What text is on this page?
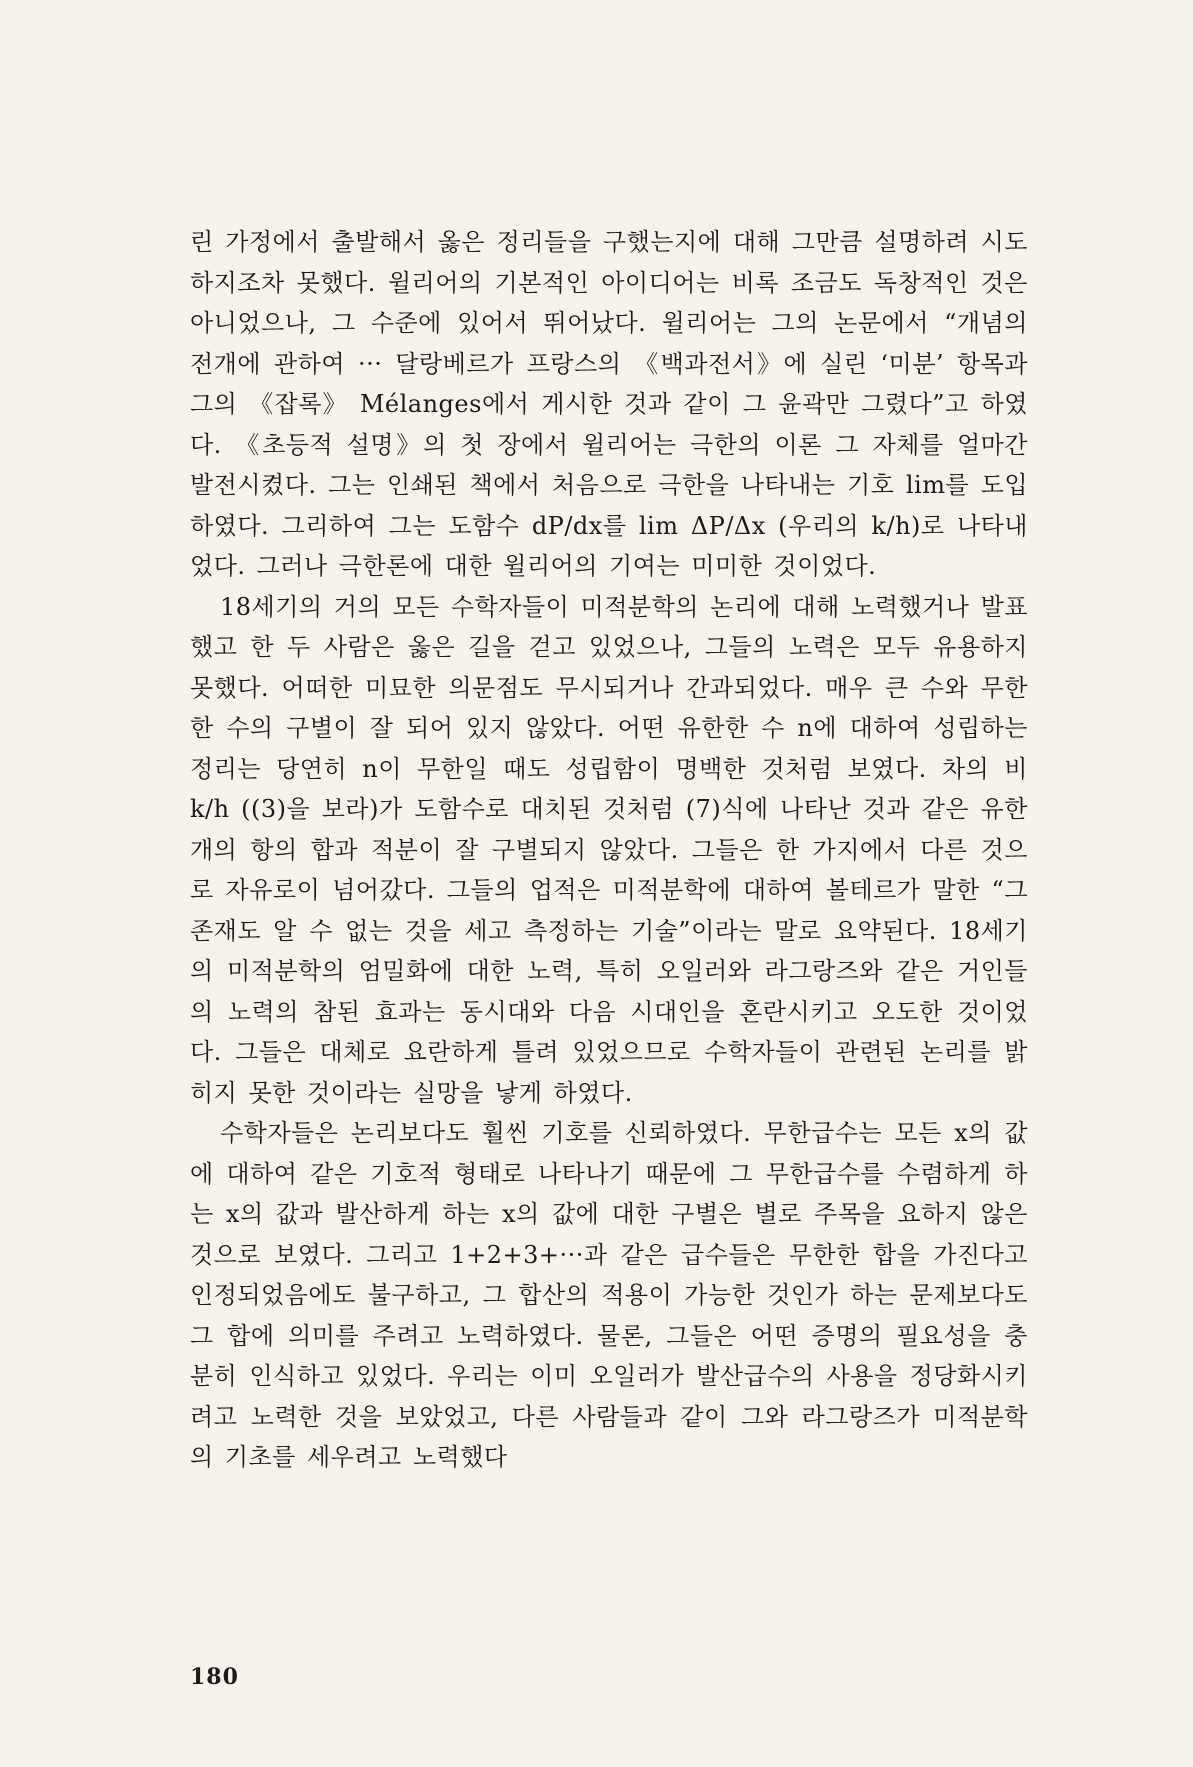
린 가정에서 출발해서 옳은 정리들을 구했는지에 대해 그만큼 설명하려 시도하지조차 못했다. 윌리어의 기본적인 아이디어는 비록 조금도 독창적인 것은 아니었으나, 그 수준에 있어서 뛰어났다. 윌리어는 그의 논문에서 “개념의 전개에 관하여 ··· 달랑베르가 프랑스의 《백과전서》에 실린 ‘미분’ 항목과 그의 《잡록》 Mélanges에서 게시한 것과 같이 그 윤곽만 그렸다”고 하였다. 《초등적 설명》의 첫 장에서 윌리어는 극한의 이론 그 자체를 얼마간 발전시켰다. 그는 인쇄된 책에서 처음으로 극한을 나타내는 기호 lim를 도입하였다. 그리하여 그는 도함수 dP/dx를 lim ΔP/Δx (우리의 k/h)로 나타내었다. 그러나 극한론에 대한 윌리어의 기여는 미미한 것이었다.

18세기의 거의 모든 수학자들이 미적분학의 논리에 대해 노력했거나 발표했고 한 두 사람은 옳은 길을 걷고 있었으나, 그들의 노력은 모두 유용하지 못했다. 어떠한 미묘한 의문점도 무시되거나 간과되었다. 매우 큰 수와 무한한 수의 구별이 잘 되어 있지 않았다. 어떤 유한한 수 n에 대하여 성립하는 정리는 당연히 n이 무한일 때도 성립함이 명백한 것처럼 보였다. 차의 비 k/h ((3)을 보라)가 도함수로 대치된 것처럼 (7)식에 나타난 것과 같은 유한 개의 항의 합과 적분이 잘 구별되지 않았다. 그들은 한 가지에서 다른 것으로 자유로이 넘어갔다. 그들의 업적은 미적분학에 대하여 볼테르가 말한 “그 존재도 알 수 없는 것을 세고 측정하는 기술”이라는 말로 요약된다. 18세기의 미적분학의 엄밀화에 대한 노력, 특히 오일러와 라그랑즈와 같은 거인들의 노력의 참된 효과는 동시대와 다음 시대인을 혼란시키고 오도한 것이었다. 그들은 대체로 요란하게 틀려 있었으므로 수학자들이 관련된 논리를 밝히지 못한 것이라는 실망을 낳게 하였다.

수학자들은 논리보다도 훨씬 기호를 신뢰하였다. 무한급수는 모든 x의 값에 대하여 같은 기호적 형태로 나타나기 때문에 그 무한급수를 수렴하게 하는 x의 값과 발산하게 하는 x의 값에 대한 구별은 별로 주목을 요하지 않은 것으로 보였다. 그리고 1+2+3+···과 같은 급수들은 무한한 합을 가진다고 인정되었음에도 불구하고, 그 합산의 적용이 가능한 것인가 하는 문제보다도 그 합에 의미를 주려고 노력하였다. 물론, 그들은 어떤 증명의 필요성을 충분히 인식하고 있었다. 우리는 이미 오일러가 발산급수의 사용을 정당화시키려고 노력한 것을 보았었고, 다른 사람들과 같이 그와 라그랑즈가 미적분학의 기초를 세우려고 노력했다

180
